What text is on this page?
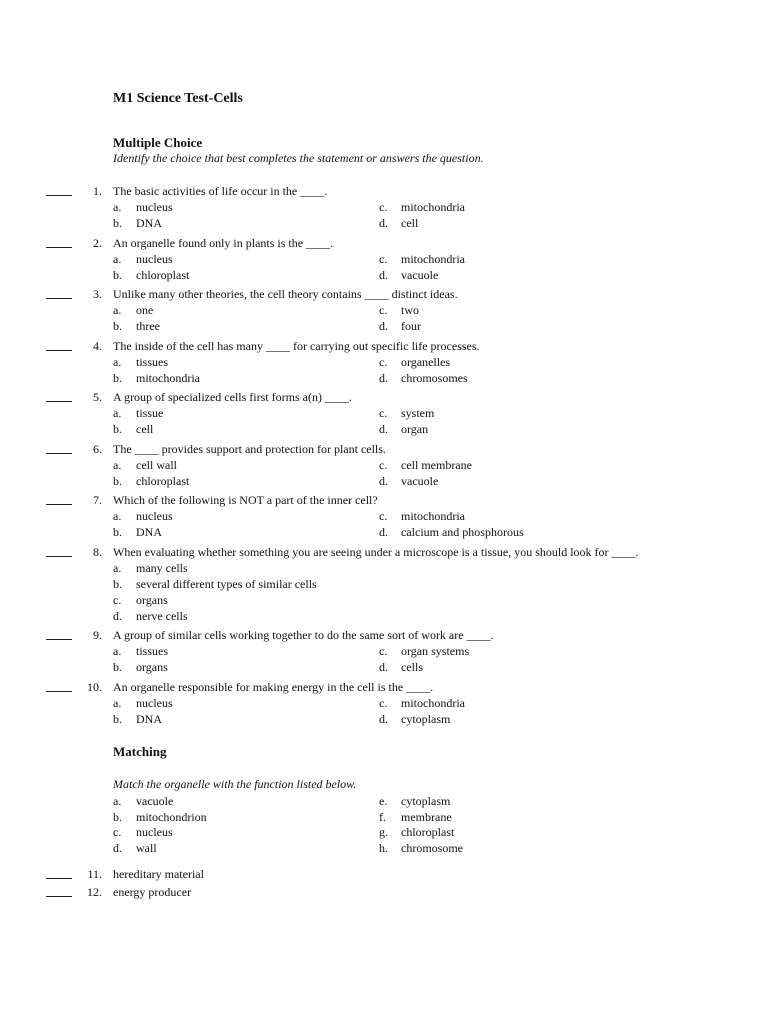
M1 Science Test-Cells
Multiple Choice
Identify the choice that best completes the statement or answers the question.
1. The basic activities of life occur in the ____.
a.	nucleus	c.	mitochondria
b.	DNA	d.	cell
2. An organelle found only in plants is the ____.
a.	nucleus	c.	mitochondria
b.	chloroplast	d.	vacuole
3. Unlike many other theories, the cell theory contains ____ distinct ideas.
a.	one	c.	two
b.	three	d.	four
4. The inside of the cell has many ____ for carrying out specific life processes.
a.	tissues	c.	organelles
b.	mitochondria	d.	chromosomes
5. A group of specialized cells first forms a(n) ____.
a.	tissue	c.	system
b.	cell	d.	organ
6. The ____ provides support and protection for plant cells.
a.	cell wall	c.	cell membrane
b.	chloroplast	d.	vacuole
7. Which of the following is NOT a part of the inner cell?
a.	nucleus	c.	mitochondria
b.	DNA	d.	calcium and phosphorous
8. When evaluating whether something you are seeing under a microscope is a tissue, you should look for ____.
a.	many cells
b.	several different types of similar cells
c.	organs
d.	nerve cells
9. A group of similar cells working together to do the same sort of work are ____.
a.	tissues	c.	organ systems
b.	organs	d.	cells
10. An organelle responsible for making energy in the cell is the ____.
a.	nucleus	c.	mitochondria
b.	DNA	d.	cytoplasm
Matching
Match the organelle with the function listed below.
a.	vacuole	e.	cytoplasm
b.	mitochondrion	f.	membrane
c.	nucleus	g.	chloroplast
d.	wall	h.	chromosome
11. hereditary material
12. energy producer
